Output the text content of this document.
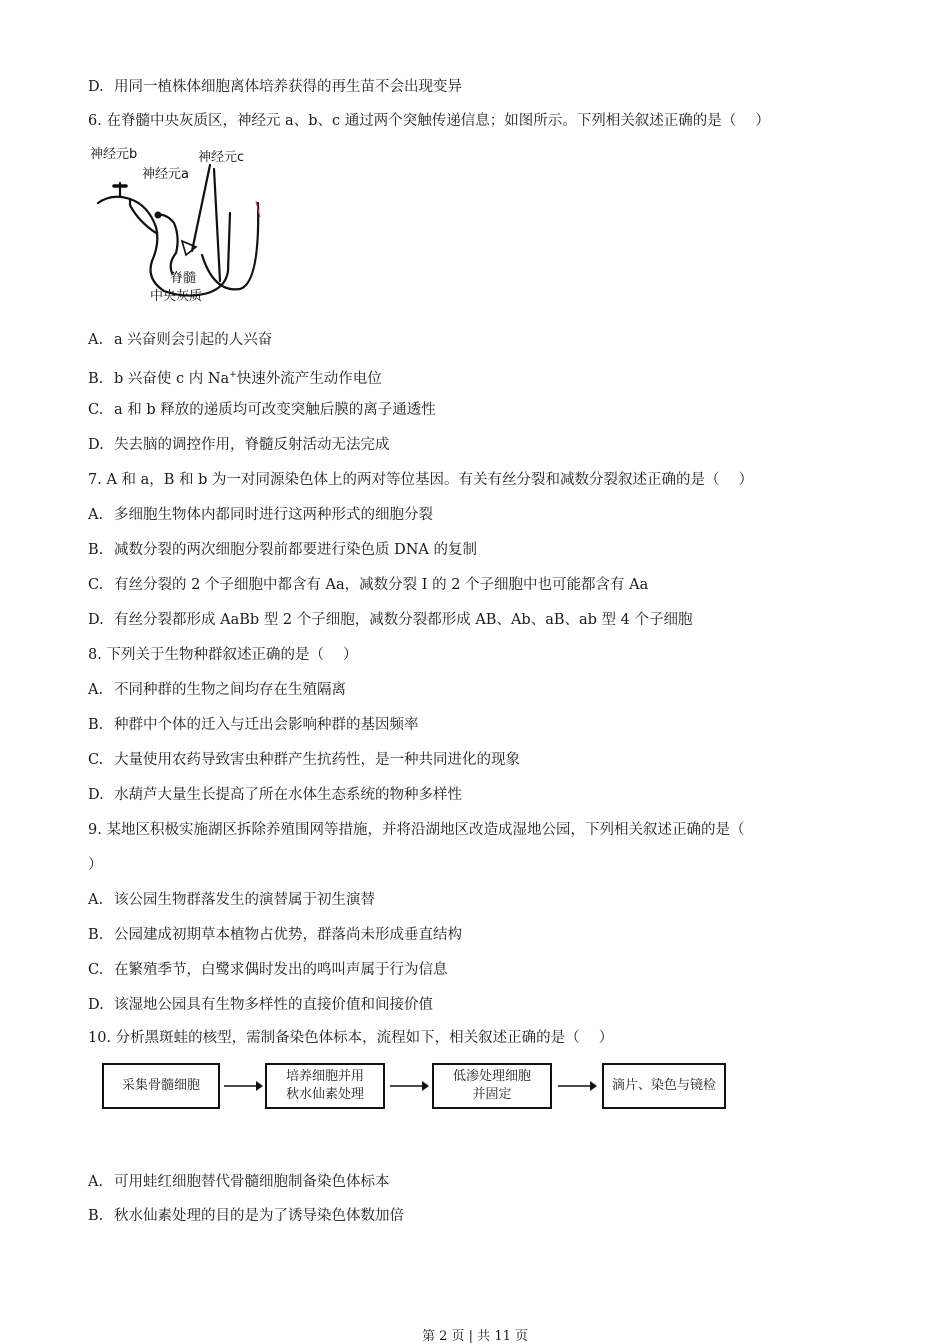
D. 用同一植株体细胞离体培养获得的再生苗不会出现变异
6. 在脊髓中央灰质区，神经元 a、b、c 通过两个突触传递信息；如图所示。下列相关叙述正确的是（　 ）
神经元b
神经元a
神经元c
脊髓
中央灰质
A. a 兴奋则会引起的人兴奋
B. b 兴奋使 c 内 Na+快速外流产生动作电位
C. a 和 b 释放的递质均可改变突触后膜的离子通透性
D. 失去脑的调控作用，脊髓反射活动无法完成
7. A 和 a，B 和 b 为一对同源染色体上的两对等位基因。有关有丝分裂和减数分裂叙述正确的是（　 ）
A. 多细胞生物体内都同时进行这两种形式的细胞分裂
B. 减数分裂的两次细胞分裂前都要进行染色质 DNA 的复制
C. 有丝分裂的 2 个子细胞中都含有 Aa，减数分裂 Ⅰ 的 2 个子细胞中也可能都含有 Aa
D. 有丝分裂都形成 AaBb 型 2 个子细胞，减数分裂都形成 AB、Ab、aB、ab 型 4 个子细胞
8. 下列关于生物种群叙述正确的是（　 ）
A. 不同种群的生物之间均存在生殖隔离
B. 种群中个体的迁入与迁出会影响种群的基因频率
C. 大量使用农药导致害虫种群产生抗药性，是一种共同进化的现象
D. 水葫芦大量生长提高了所在水体生态系统的物种多样性
9. 某地区积极实施湖区拆除养殖围网等措施，并将沿湖地区改造成湿地公园，下列相关叙述正确的是（
）
A. 该公园生物群落发生的演替属于初生演替
B. 公园建成初期草本植物占优势，群落尚未形成垂直结构
C. 在繁殖季节，白鹭求偶时发出的鸣叫声属于行为信息
D. 该湿地公园具有生物多样性的直接价值和间接价值
10. 分析黑斑蛙的核型，需制备染色体标本，流程如下，相关叙述正确的是（　 ）
采集骨髓细胞
培养细胞并用
秋水仙素处理
低渗处理细胞
并固定
滴片、染色与镜检
A. 可用蛙红细胞替代骨髓细胞制备染色体标本
B. 秋水仙素处理的目的是为了诱导染色体数加倍
第 2 页 | 共 11 页
